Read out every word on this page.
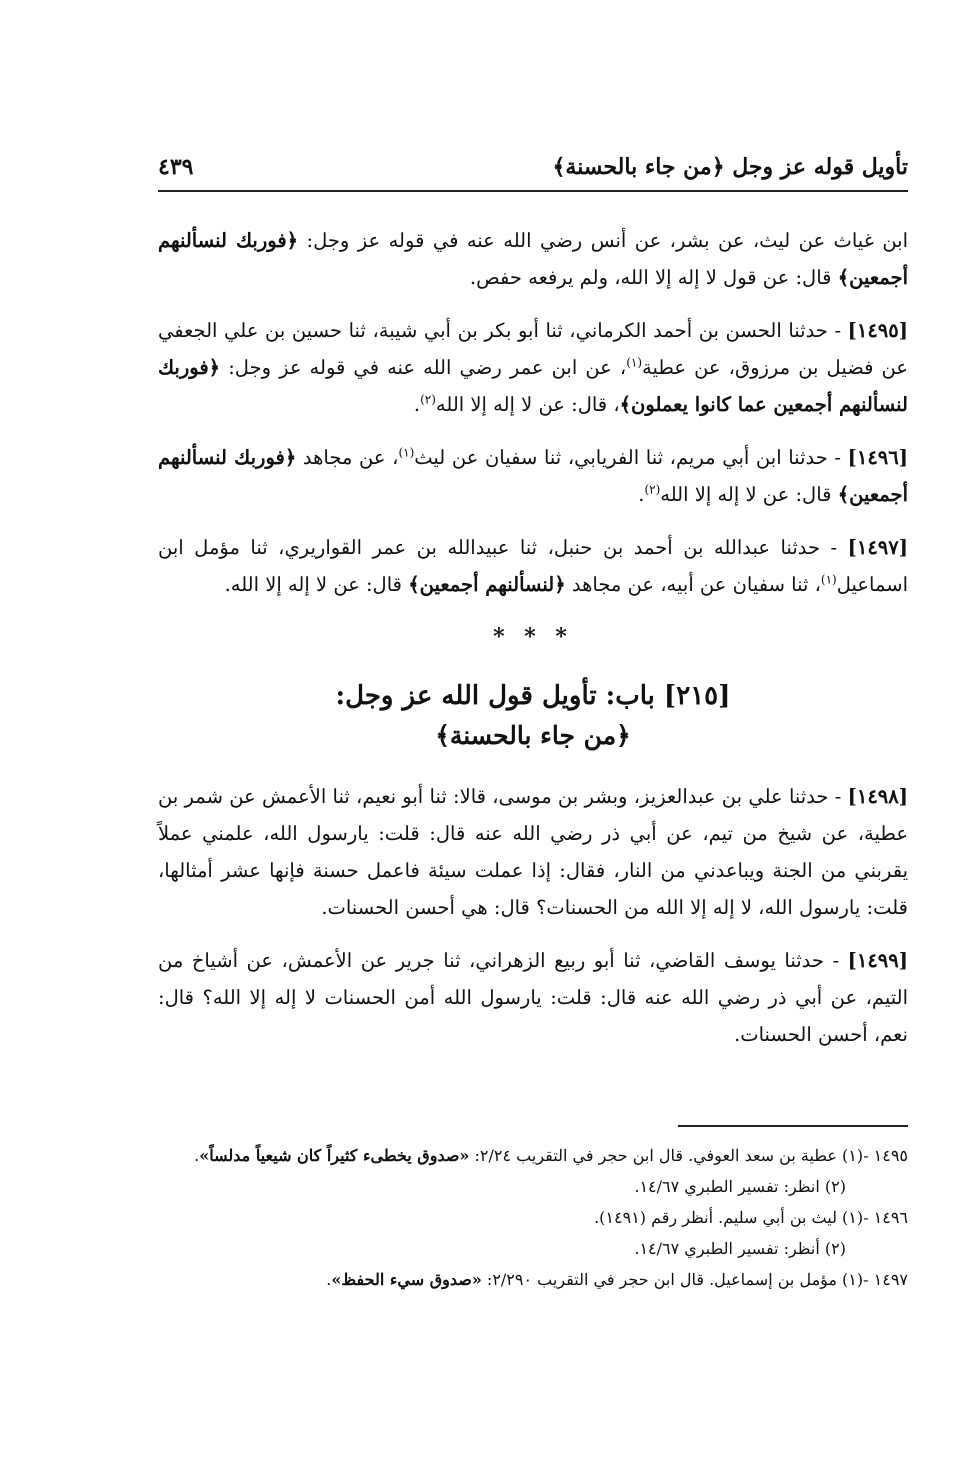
تأويل قوله عز وجل ﴿من جاء بالحسنة﴾
٤٣٩

ابن غياث عن ليث، عن بشر، عن أنس رضي الله عنه في قوله عز وجل: ﴿فوربك لنسألنهم أجمعين﴾ قال: عن قول لا إله إلا الله، ولم يرفعه حفص.

[١٤٩٥] - حدثنا الحسن بن أحمد الكرماني، ثنا أبو بكر بن أبي شيبة، ثنا حسين بن علي الجعفي عن فضيل بن مرزوق، عن عطية$^{(١)}$، عن ابن عمر رضي الله عنه في قوله عز وجل: ﴿فوربك لنسألنهم أجمعين عما كانوا يعملون﴾، قال: عن لا إله إلا الله$^{(٢)}$.

[١٤٩٦] - حدثنا ابن أبي مريم، ثنا الفريابي، ثنا سفيان عن ليث$^{(١)}$، عن مجاهد ﴿فوربك لنسألنهم أجمعين﴾ قال: عن لا إله إلا الله$^{(٢)}$.

[١٤٩٧] - حدثنا عبدالله بن أحمد بن حنبل، ثنا عبيدالله بن عمر القواريري، ثنا مؤمل ابن اسماعيل$^{(١)}$، ثنا سفيان عن أبيه، عن مجاهد ﴿لنسألنهم أجمعين﴾ قال: عن لا إله إلا الله.

* * *
[٢١٥] باب: تأويل قول الله عز وجل:
﴿من جاء بالحسنة﴾

[١٤٩٨] - حدثنا علي بن عبدالعزيز، وبشر بن موسى، قالا: ثنا أبو نعيم، ثنا الأعمش عن شمر بن عطية، عن شيخ من تيم، عن أبي ذر رضي الله عنه قال: قلت: يارسول الله، علمني عملاً يقربني من الجنة ويباعدني من النار، فقال: إذا عملت سيئة فاعمل حسنة فإنها عشر أمثالها، قلت: يارسول الله، لا إله إلا الله من الحسنات؟ قال: هي أحسن الحسنات.

[١٤٩٩] - حدثنا يوسف القاضي، ثنا أبو ربيع الزهراني، ثنا جرير عن الأعمش، عن أشياخ من التيم، عن أبي ذر رضي الله عنه قال: قلت: يارسول الله أمن الحسنات لا إله إلا الله؟ قال: نعم، أحسن الحسنات.

١٤٩٥ -(١) عطية بن سعد العوفي. قال ابن حجر في التقريب ٢/٢٤: «صدوق يخطىء كثيراً كان شيعياً مدلساً».

(٢) انظر: تفسير الطبري ١٤/٦٧.

١٤٩٦ -(١) ليث بن أبي سليم. أنظر رقم (١٤٩١).

(٢) أنظر: تفسير الطبري ١٤/٦٧.

١٤٩٧ -(١) مؤمل بن إسماعيل. قال ابن حجر في التقريب ٢/٢٩٠: «صدوق سيء الحفظ».
